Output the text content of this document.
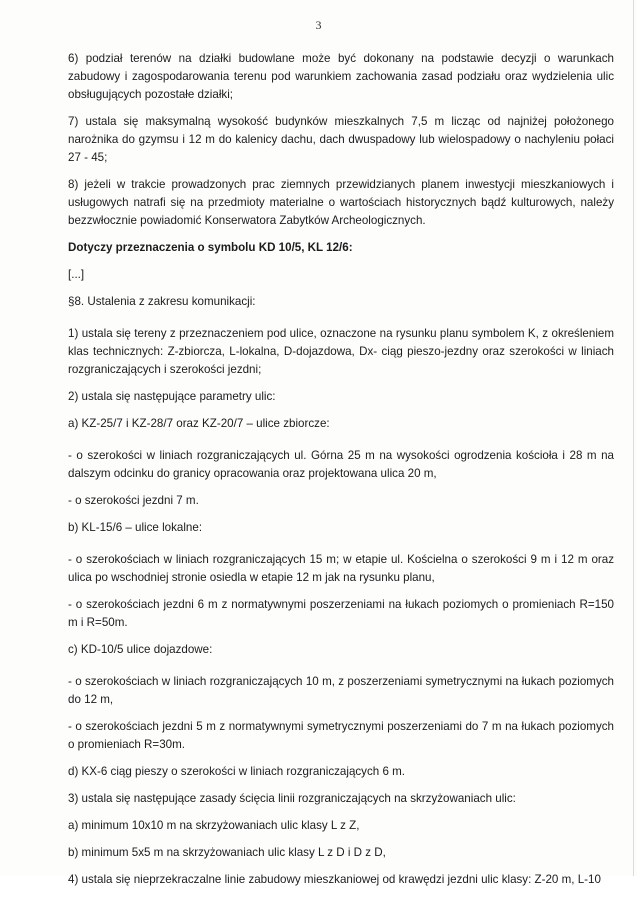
3

6) podział terenów na działki budowlane może być dokonany na podstawie decyzji o warunkach zabudowy i zagospodarowania terenu pod warunkiem zachowania zasad podziału oraz wydzielenia ulic obsługujących pozostałe działki;

7) ustala się maksymalną wysokość budynków mieszkalnych 7,5 m licząc od najniżej położonego narożnika do gzymsu i 12 m do kalenicy dachu, dach dwuspadowy lub wielospadowy o nachyleniu połaci 27 - 45;

8) jeżeli w trakcie prowadzonych prac ziemnych przewidzianych planem inwestycji mieszkaniowych i usługowych natrafi się na przedmioty materialne o wartościach historycznych bądź kulturowych, należy bezzwłocznie powiadomić Konserwatora Zabytków Archeologicznych.

Dotyczy przeznaczenia o symbolu KD 10/5, KL 12/6:

[...]

§8. Ustalenia z zakresu komunikacji:

1) ustala się tereny z przeznaczeniem pod ulice, oznaczone na rysunku planu symbolem K, z określeniem klas technicznych: Z-zbiorcza, L-lokalna, D-dojazdowa, Dx- ciąg pieszo-jezdny oraz szerokości w liniach rozgraniczających i szerokości jezdni;

2) ustala się następujące parametry ulic:

a) KZ-25/7 i KZ-28/7 oraz KZ-20/7 – ulice zbiorcze:

- o szerokości w liniach rozgraniczających ul. Górna 25 m na wysokości ogrodzenia kościoła i 28 m na dalszym odcinku do granicy opracowania oraz projektowana ulica 20 m,

- o szerokości jezdni 7 m.

b) KL-15/6 – ulice lokalne:

- o szerokościach w liniach rozgraniczających 15 m; w etapie ul. Kościelna o szerokości 9 m i 12 m oraz ulica po wschodniej stronie osiedla w etapie 12 m jak na rysunku planu,

- o szerokościach jezdni 6 m z normatywnymi poszerzeniami na łukach poziomych o promieniach R=150 m i R=50m.

c) KD-10/5 ulice dojazdowe:

- o szerokościach w liniach rozgraniczających 10 m, z poszerzeniami symetrycznymi na łukach poziomych do 12 m,

- o szerokościach jezdni 5 m z normatywnymi symetrycznymi poszerzeniami do 7 m na łukach poziomych o promieniach R=30m.

d) KX-6 ciąg pieszy o szerokości w liniach rozgraniczających 6 m.

3) ustala się następujące zasady ścięcia linii rozgraniczających na skrzyżowaniach ulic:

a) minimum 10x10 m na skrzyżowaniach ulic klasy L z Z,

b) minimum 5x5 m na skrzyżowaniach ulic klasy L z D i D z D,

4) ustala się nieprzekraczalne linie zabudowy mieszkaniowej od krawędzi jezdni ulic klasy: Z-20 m, L-10
